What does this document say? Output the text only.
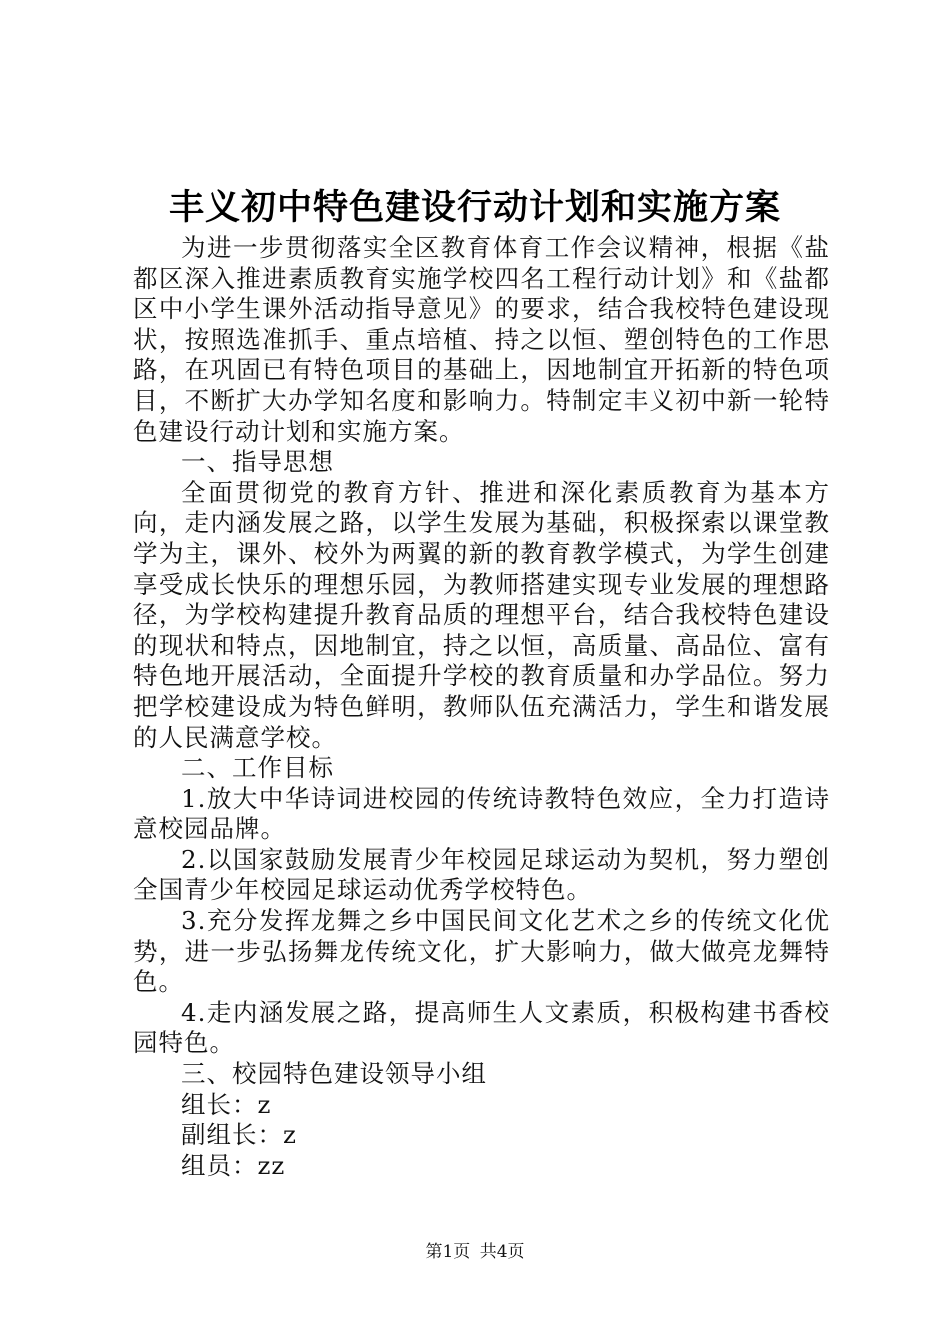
丰义初中特色建设行动计划和实施方案

为进一步贯彻落实全区教育体育工作会议精神，根据《盐都区深入推进素质教育实施学校四名工程行动计划》和《盐都区中小学生课外活动指导意见》的要求，结合我校特色建设现状，按照选准抓手、重点培植、持之以恒、塑创特色的工作思路，在巩固已有特色项目的基础上，因地制宜开拓新的特色项目，不断扩大办学知名度和影响力。特制定丰义初中新一轮特色建设行动计划和实施方案。

一、指导思想

全面贯彻党的教育方针、推进和深化素质教育为基本方向，走内涵发展之路，以学生发展为基础，积极探索以课堂教学为主，课外、校外为两翼的新的教育教学模式，为学生创建享受成长快乐的理想乐园，为教师搭建实现专业发展的理想路径，为学校构建提升教育品质的理想平台，结合我校特色建设的现状和特点，因地制宜，持之以恒，高质量、高品位、富有特色地开展活动，全面提升学校的教育质量和办学品位。努力把学校建设成为特色鲜明，教师队伍充满活力，学生和谐发展的人民满意学校。

二、工作目标

1.放大中华诗词进校园的传统诗教特色效应，全力打造诗意校园品牌。

2.以国家鼓励发展青少年校园足球运动为契机，努力塑创全国青少年校园足球运动优秀学校特色。

3.充分发挥龙舞之乡中国民间文化艺术之乡的传统文化优势，进一步弘扬舞龙传统文化，扩大影响力，做大做亮龙舞特色。

4.走内涵发展之路，提高师生人文素质，积极构建书香校园特色。

三、校园特色建设领导小组

组长：z

副组长：z

组员：zz

第1页 共4页
